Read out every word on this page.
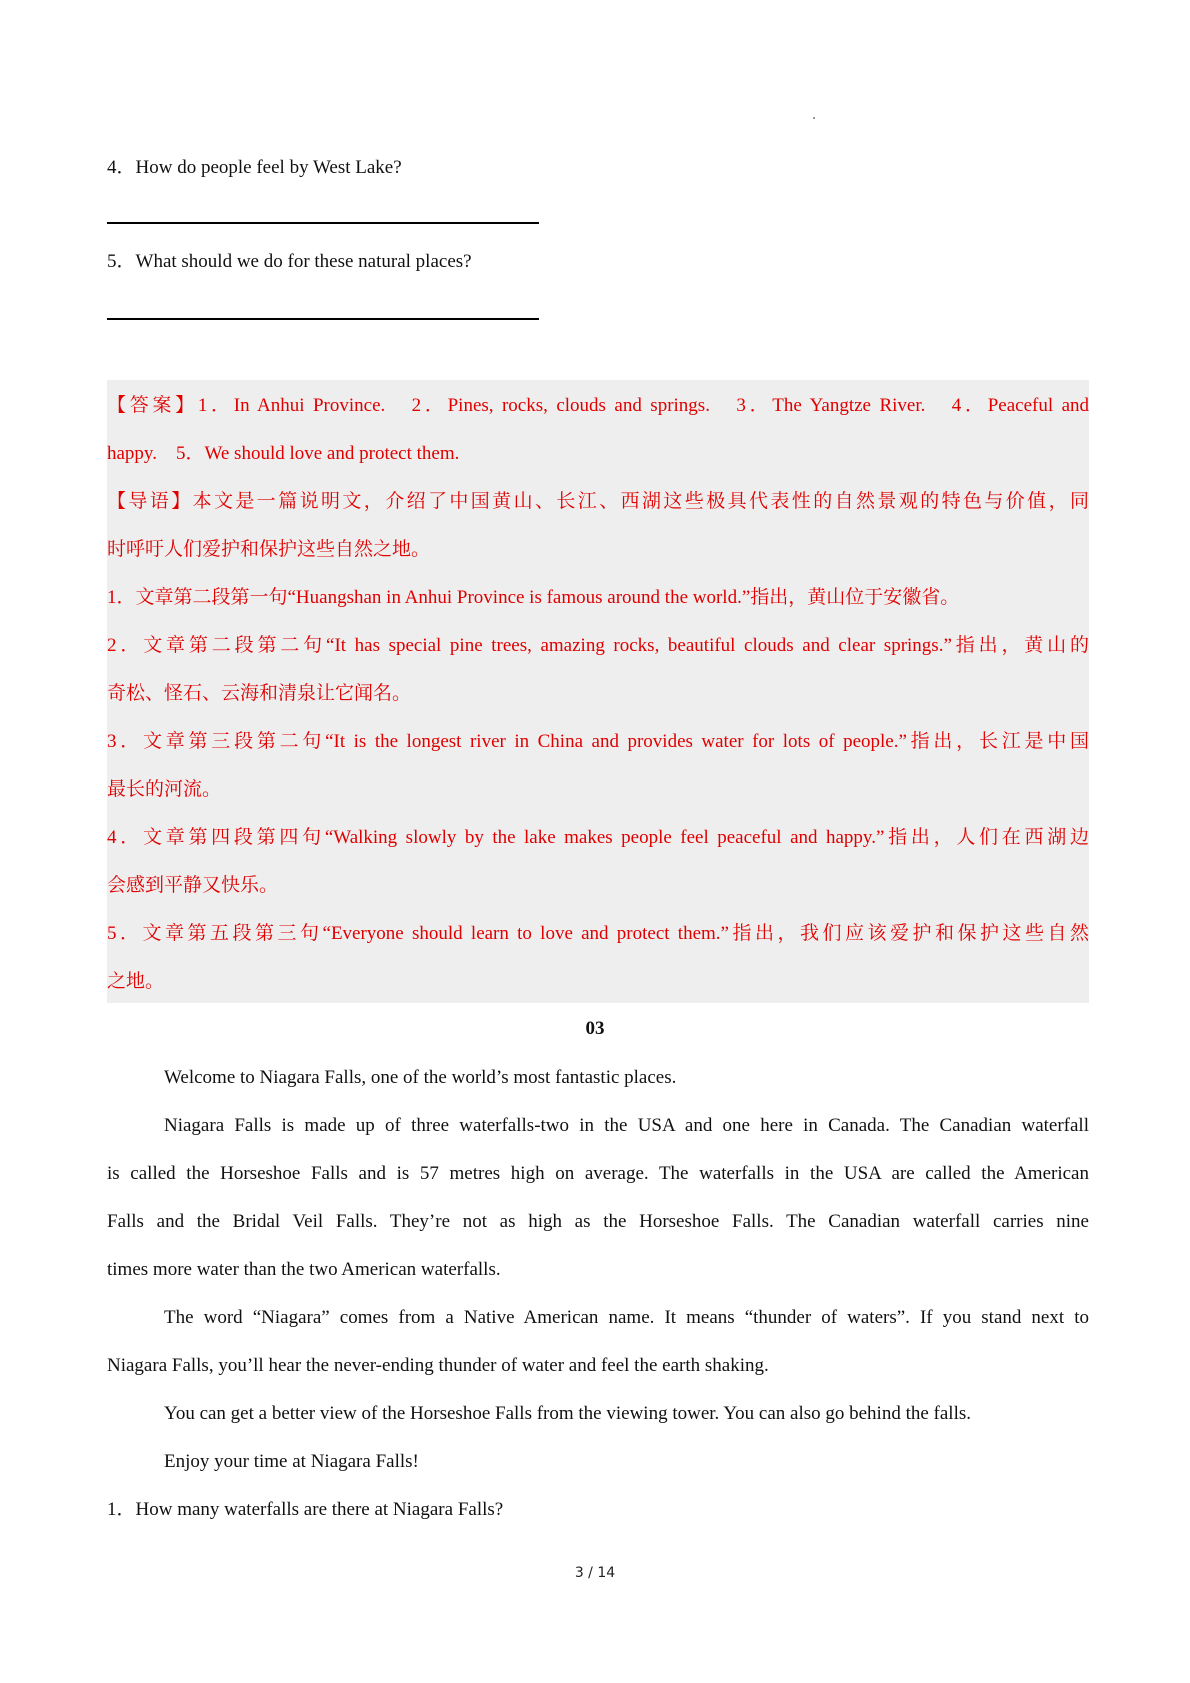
4．How do people feel by West Lake?
5．What should we do for these natural places?
【答案】1．In Anhui Province.　2．Pines, rocks, clouds and springs.　3．The Yangtze River.　4．Peaceful and
happy.　5．We should love and protect them.
【导语】本文是一篇说明文，介绍了中国黄山、长江、西湖这些极具代表性的自然景观的特色与价值，同
时呼吁人们爱护和保护这些自然之地。
1．文章第二段第一句“Huangshan in Anhui Province is famous around the world.”指出，黄山位于安徽省。
2．文章第二段第二句“It has special pine trees, amazing rocks, beautiful clouds and clear springs.”指出，黄山的
奇松、怪石、云海和清泉让它闻名。
3．文章第三段第二句“It is the longest river in China and provides water for lots of people.”指出，长江是中国
最长的河流。
4．文章第四段第四句“Walking slowly by the lake makes people feel peaceful and happy.”指出，人们在西湖边
会感到平静又快乐。
5．文章第五段第三句“Everyone should learn to love and protect them.”指出，我们应该爱护和保护这些自然
之地。
03
Welcome to Niagara Falls, one of the world’s most fantastic places.
Niagara Falls is made up of three waterfalls-two in the USA and one here in Canada. The Canadian waterfall
is called the Horseshoe Falls and is 57 metres high on average. The waterfalls in the USA are called the American
Falls and the Bridal Veil Falls. They’re not as high as the Horseshoe Falls. The Canadian waterfall carries nine
times more water than the two American waterfalls.
The word “Niagara” comes from a Native American name. It means “thunder of waters”. If you stand next to
Niagara Falls, you’ll hear the never-ending thunder of water and feel the earth shaking.
You can get a better view of the Horseshoe Falls from the viewing tower. You can also go behind the falls.
Enjoy your time at Niagara Falls!
1．How many waterfalls are there at Niagara Falls?
3 / 14
